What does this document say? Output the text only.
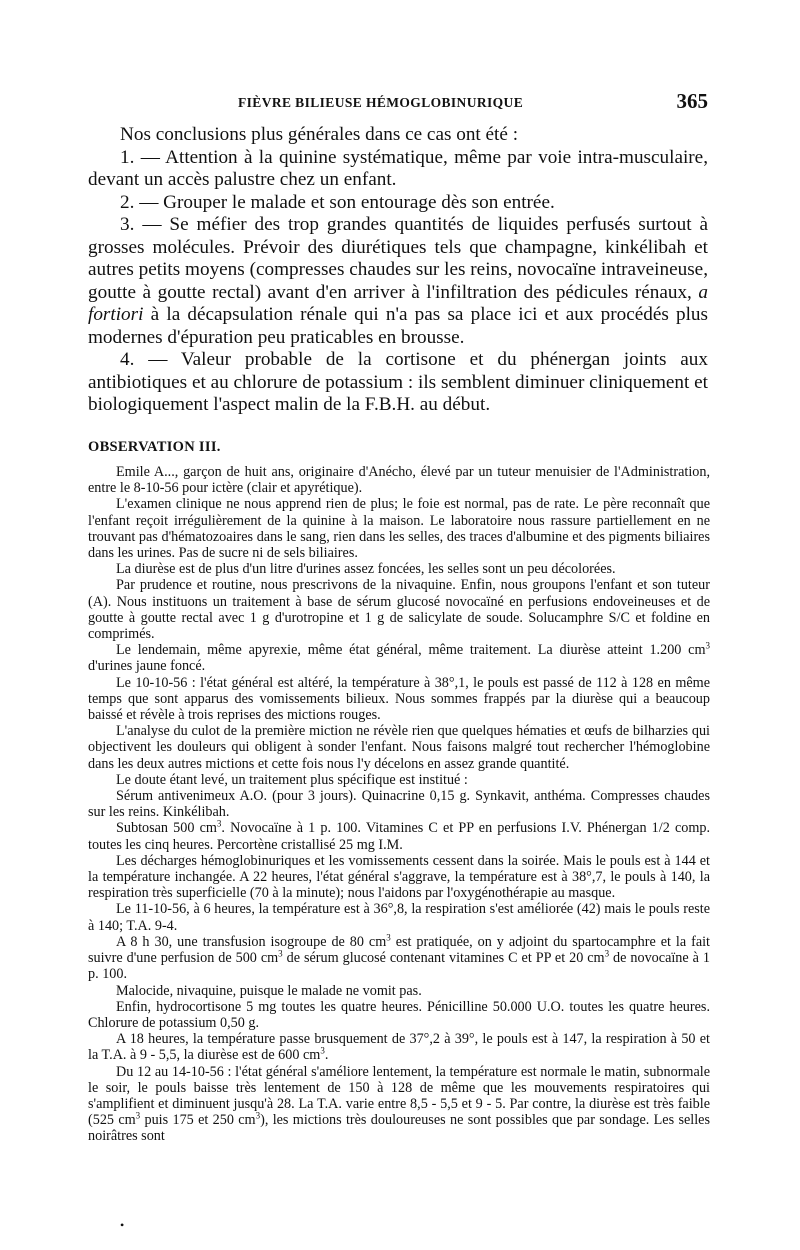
FIÈVRE BILIEUSE HÉMOGLOBINURIQUE	365

Nos conclusions plus générales dans ce cas ont été :

1. — Attention à la quinine systématique, même par voie intra-musculaire, devant un accès palustre chez un enfant.

2. — Grouper le malade et son entourage dès son entrée.

3. — Se méfier des trop grandes quantités de liquides perfusés surtout à grosses molécules. Prévoir des diurétiques tels que champagne, kinkélibah et autres petits moyens (compresses chaudes sur les reins, novocaïne intraveineuse, goutte à goutte rectal) avant d'en arriver à l'infiltration des pédicules rénaux, a fortiori à la décapsulation rénale qui n'a pas sa place ici et aux procédés plus modernes d'épuration peu praticables en brousse.

4. — Valeur probable de la cortisone et du phénergan joints aux antibiotiques et au chlorure de potassium : ils semblent diminuer cliniquement et biologiquement l'aspect malin de la F.B.H. au début.

OBSERVATION III.

Emile A..., garçon de huit ans, originaire d'Anécho, élevé par un tuteur menuisier de l'Administration, entre le 8-10-56 pour ictère (clair et apyrétique).

L'examen clinique ne nous apprend rien de plus; le foie est normal, pas de rate. Le père reconnaît que l'enfant reçoit irrégulièrement de la quinine à la maison. Le laboratoire nous rassure partiellement en ne trouvant pas d'hématozoaires dans le sang, rien dans les selles, des traces d'albumine et des pigments biliaires dans les urines. Pas de sucre ni de sels biliaires.

La diurèse est de plus d'un litre d'urines assez foncées, les selles sont un peu décolorées.

Par prudence et routine, nous prescrivons de la nivaquine. Enfin, nous groupons l'enfant et son tuteur (A). Nous instituons un traitement à base de sérum glucosé novocaïné en perfusions endoveineuses et de goutte à goutte rectal avec 1 g d'urotropine et 1 g de salicylate de soude. Solucamphre S/C et foldine en comprimés.

Le lendemain, même apyrexie, même état général, même traitement. La diurèse atteint 1.200 $cm^3$ d'urines jaune foncé.

Le 10-10-56 : l'état général est altéré, la température à 38°,1, le pouls est passé de 112 à 128 en même temps que sont apparus des vomissements bilieux. Nous sommes frappés par la diurèse qui a beaucoup baissé et révèle à trois reprises des mictions rouges.

L'analyse du culot de la première miction ne révèle rien que quelques hématies et œufs de bilharzies qui objectivent les douleurs qui obligent à sonder l'enfant. Nous faisons malgré tout rechercher l'hémoglobine dans les deux autres mictions et cette fois nous l'y décelons en assez grande quantité.

Le doute étant levé, un traitement plus spécifique est institué :

Sérum antivenimeux A.O. (pour 3 jours). Quinacrine 0,15 g. Synkavit, anthéma. Compresses chaudes sur les reins. Kinkélibah.

Subtosan 500 $cm^3$. Novocaïne à 1 p. 100. Vitamines C et PP en perfusions I.V. Phénergan 1/2 comp. toutes les cinq heures. Percortène cristallisé 25 mg I.M.

Les décharges hémoglobinuriques et les vomissements cessent dans la soirée. Mais le pouls est à 144 et la température inchangée. A 22 heures, l'état général s'aggrave, la température est à 38°,7, le pouls à 140, la respiration très superficielle (70 à la minute); nous l'aidons par l'oxygénothérapie au masque.

Le 11-10-56, à 6 heures, la température est à 36°,8, la respiration s'est améliorée (42) mais le pouls reste à 140; T.A. 9-4.

A 8 h 30, une transfusion isogroupe de 80 $cm^3$ est pratiquée, on y adjoint du spartocamphre et la fait suivre d'une perfusion de 500 $cm^3$ de sérum glucosé contenant vitamines C et PP et 20 $cm^3$ de novocaïne à 1 p. 100.

Malocide, nivaquine, puisque le malade ne vomit pas.

Enfin, hydrocortisone 5 mg toutes les quatre heures. Pénicilline 50.000 U.O. toutes les quatre heures. Chlorure de potassium 0,50 g.

A 18 heures, la température passe brusquement de 37°,2 à 39°, le pouls est à 147, la respiration à 50 et la T.A. à 9 - 5,5, la diurèse est de 600 $cm^3$.

Du 12 au 14-10-56 : l'état général s'améliore lentement, la température est normale le matin, subnormale le soir, le pouls baisse très lentement de 150 à 128 de même que les mouvements respiratoires qui s'amplifient et diminuent jusqu'à 28. La T.A. varie entre 8,5 - 5,5 et 9 - 5. Par contre, la diurèse est très faible (525 $cm^3$ puis 175 et 250 $cm^3$), les mictions très douloureuses ne sont possibles que par sondage. Les selles noirâtres sont

•
